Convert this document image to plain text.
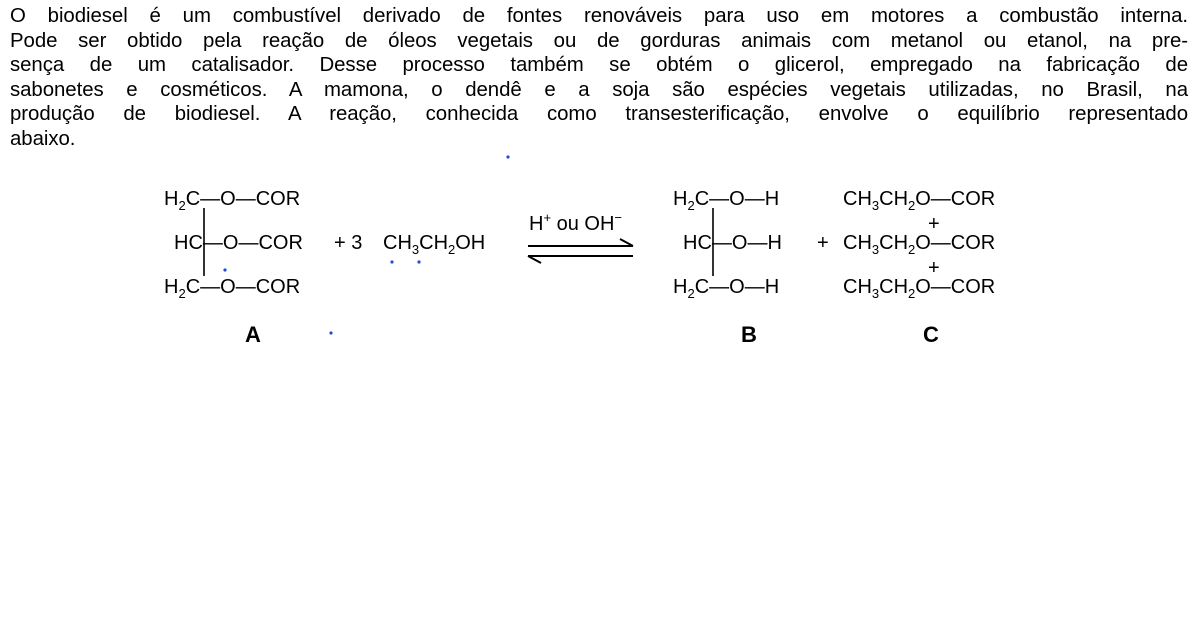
O biodiesel é um combustível derivado de fontes renováveis para uso em motores a combustão interna.
Pode ser obtido pela reação de óleos vegetais ou de gorduras animais com metanol ou etanol, na pre-
sença de um catalisador. Desse processo também se obtém o glicerol, empregado na fabricação de
sabonetes e cosméticos. A mamona, o dendê e a soja são espécies vegetais utilizadas, no Brasil, na
produção de biodiesel. A reação, conhecida como transesterificação, envolve o equilíbrio representado
abaixo.
$H_2C—O—COR$
HC—O—COR
$H_2C—O—COR$
A
+ 3 $CH_3CH_2OH$
H+ ou OH−
$H_2C—O—H$
HC—O—H
$H_2C—O—H$
B
+
$CH_3CH_2O—COR$
+
$CH_3CH_2O—COR$
+
$CH_3CH_2O—COR$
C
